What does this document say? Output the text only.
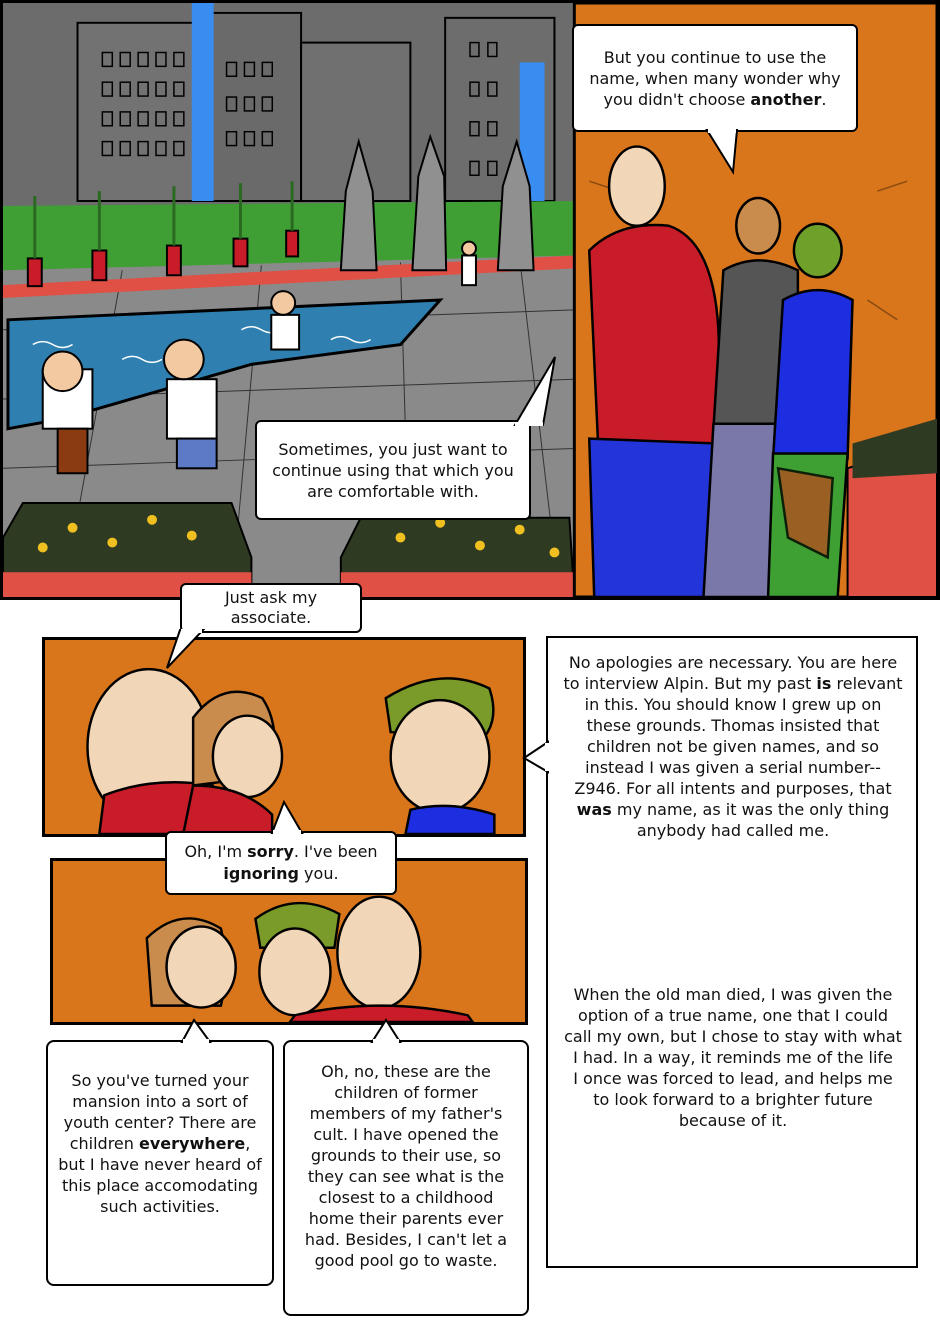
But you continue to use the
name, when many wonder why
you didn't choose another.
Sometimes, you just want to
continue using that which you
are comfortable with.
Just ask my
associate.
Oh, I'm sorry. I've been
ignoring you.
No apologies are necessary. You are here
to interview Alpin. But my past is relevant
in this. You should know I grew up on
these grounds. Thomas insisted that
children not be given names, and so
instead I was given a serial number--
Z946. For all intents and purposes, that
was my name, as it was the only thing
anybody had called me.
When the old man died, I was given the
option of a true name, one that I could
call my own, but I chose to stay with what
I had. In a way, it reminds me of the life
I once was forced to lead, and helps me
to look forward to a brighter future
because of it.
So you've turned your
mansion into a sort of
youth center? There are
children everywhere,
but I have never heard of
this place accomodating
such activities.
Oh, no, these are the
children of former
members of my father's
cult. I have opened the
grounds to their use, so
they can see what is the
closest to a childhood
home their parents ever
had. Besides, I can't let a
good pool go to waste.
